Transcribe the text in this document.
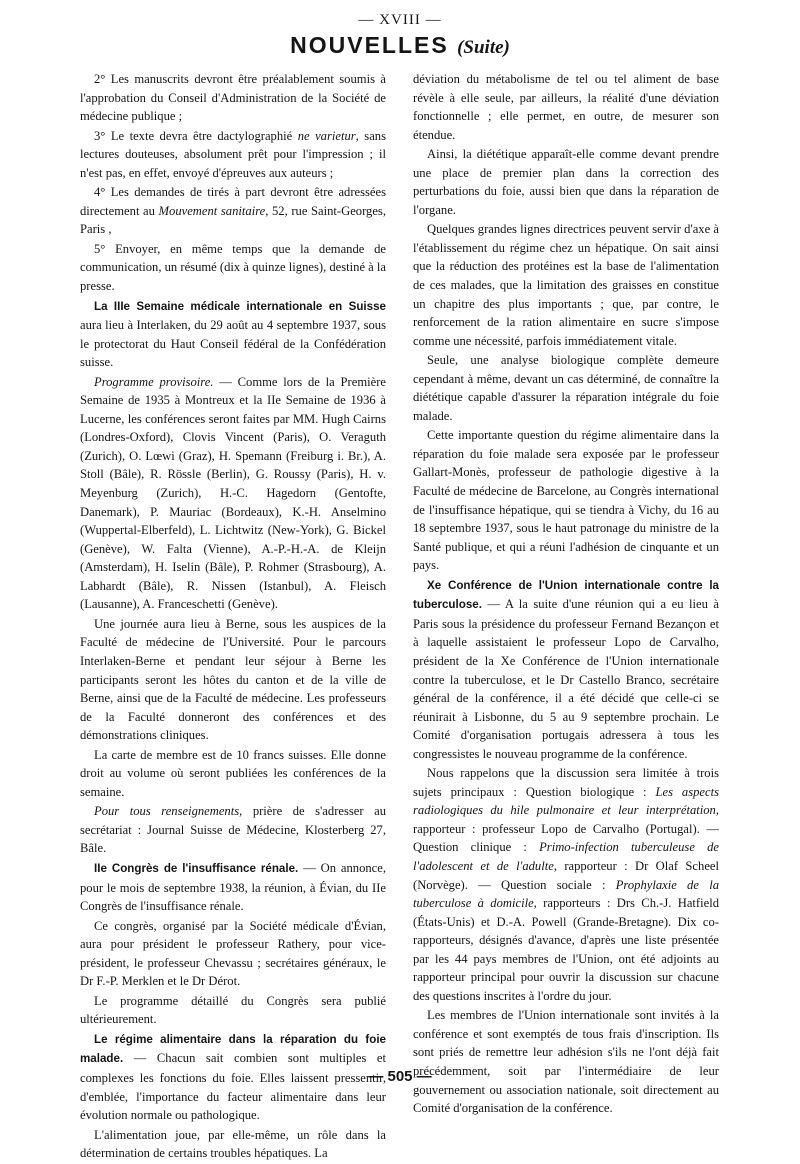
— XVIII —
NOUVELLES (Suite)

2° Les manuscrits devront être préalablement soumis à l'approbation du Conseil d'Administration de la Société de médecine publique ;

3° Le texte devra être dactylographié ne varietur, sans lectures douteuses, absolument prêt pour l'impression ; il n'est pas, en effet, envoyé d'épreuves aux auteurs ;

4° Les demandes de tirés à part devront être adressées directement au Mouvement sanitaire, 52, rue Saint-Georges, Paris ,

5° Envoyer, en même temps que la demande de communication, un résumé (dix à quinze lignes), destiné à la presse.

La IIIe Semaine médicale internationale en Suisse aura lieu à Interlaken, du 29 août au 4 septembre 1937, sous le protectorat du Haut Conseil fédéral de la Confédération suisse.

Programme provisoire. — Comme lors de la Première Semaine de 1935 à Montreux et la IIe Semaine de 1936 à Lucerne, les conférences seront faites par MM. Hugh Cairns (Londres-Oxford), Clovis Vincent (Paris), O. Veraguth (Zurich), O. Lœwi (Graz), H. Spemann (Freiburg i. Br.), A. Stoll (Bâle), R. Rössle (Berlin), G. Roussy (Paris), H. v. Meyenburg (Zurich), H.-C. Hagedorn (Gentofte, Danemark), P. Mauriac (Bordeaux), K.-H. Anselmino (Wuppertal-Elberfeld), L. Lichtwitz (New-York), G. Bickel (Genève), W. Falta (Vienne), A.-P.-H.-A. de Kleijn (Amsterdam), H. Iselin (Bâle), P. Rohmer (Strasbourg), A. Labhardt (Bâle), R. Nissen (Istanbul), A. Fleisch (Lausanne), A. Franceschetti (Genève).

Une journée aura lieu à Berne, sous les auspices de la Faculté de médecine de l'Université. Pour le parcours Interlaken-Berne et pendant leur séjour à Berne les participants seront les hôtes du canton et de la ville de Berne, ainsi que de la Faculté de médecine. Les professeurs de la Faculté donneront des conférences et des démonstrations cliniques.

La carte de membre est de 10 francs suisses. Elle donne droit au volume où seront publiées les conférences de la semaine.

Pour tous renseignements, prière de s'adresser au secrétariat : Journal Suisse de Médecine, Klosterberg 27, Bâle.

IIe Congrès de l'insuffisance rénale. — On annonce, pour le mois de septembre 1938, la réunion, à Évian, du IIe Congrès de l'insuffisance rénale.

Ce congrès, organisé par la Société médicale d'Évian, aura pour président le professeur Rathery, pour vice-président, le professeur Chevassu ; secrétaires généraux, le Dr F.-P. Merklen et le Dr Dérot.

Le programme détaillé du Congrès sera publié ultérieurement.

Le régime alimentaire dans la réparation du foie malade. — Chacun sait combien sont multiples et complexes les fonctions du foie. Elles laissent pressentir, d'emblée, l'importance du facteur alimentaire dans leur évolution normale ou pathologique.

L'alimentation joue, par elle-même, un rôle dans la détermination de certains troubles hépatiques. La

déviation du métabolisme de tel ou tel aliment de base révèle à elle seule, par ailleurs, la réalité d'une déviation fonctionnelle ; elle permet, en outre, de mesurer son étendue.

Ainsi, la diététique apparaît-elle comme devant prendre une place de premier plan dans la correction des perturbations du foie, aussi bien que dans la réparation de l'organe.

Quelques grandes lignes directrices peuvent servir d'axe à l'établissement du régime chez un hépatique. On sait ainsi que la réduction des protéines est la base de l'alimentation de ces malades, que la limitation des graisses en constitue un chapitre des plus importants ; que, par contre, le renforcement de la ration alimentaire en sucre s'impose comme une nécessité, parfois immédiatement vitale.

Seule, une analyse biologique complète demeure cependant à même, devant un cas déterminé, de connaître la diététique capable d'assurer la réparation intégrale du foie malade.

Cette importante question du régime alimentaire dans la réparation du foie malade sera exposée par le professeur Gallart-Monès, professeur de pathologie digestive à la Faculté de médecine de Barcelone, au Congrès international de l'insuffisance hépatique, qui se tiendra à Vichy, du 16 au 18 septembre 1937, sous le haut patronage du ministre de la Santé publique, et qui a réuni l'adhésion de cinquante et un pays.

Xe Conférence de l'Union internationale contre la tuberculose. — A la suite d'une réunion qui a eu lieu à Paris sous la présidence du professeur Fernand Bezançon et à laquelle assistaient le professeur Lopo de Carvalho, président de la Xe Conférence de l'Union internationale contre la tuberculose, et le Dr Castello Branco, secrétaire général de la conférence, il a été décidé que celle-ci se réunirait à Lisbonne, du 5 au 9 septembre prochain. Le Comité d'organisation portugais adressera à tous les congressistes le nouveau programme de la conférence.

Nous rappelons que la discussion sera limitée à trois sujets principaux : Question biologique : Les aspects radiologiques du hile pulmonaire et leur interprétation, rapporteur : professeur Lopo de Carvalho (Portugal). — Question clinique : Primo-infection tuberculeuse de l'adolescent et de l'adulte, rapporteur : Dr Olaf Scheel (Norvège). — Question sociale : Prophylaxie de la tuberculose à domicile, rapporteurs : Drs Ch.-J. Hatfield (États-Unis) et D.-A. Powell (Grande-Bretagne). Dix co-rapporteurs, désignés d'avance, d'après une liste présentée par les 44 pays membres de l'Union, ont été adjoints au rapporteur principal pour ouvrir la discussion sur chacune des questions inscrites à l'ordre du jour.

Les membres de l'Union internationale sont invités à la conférence et sont exemptés de tous frais d'inscription. Ils sont priés de remettre leur adhésion s'ils ne l'ont déjà fait précédemment, soit par l'intermédiaire de leur gouvernement ou association nationale, soit directement au Comité d'organisation de la conférence.

— 505 —
